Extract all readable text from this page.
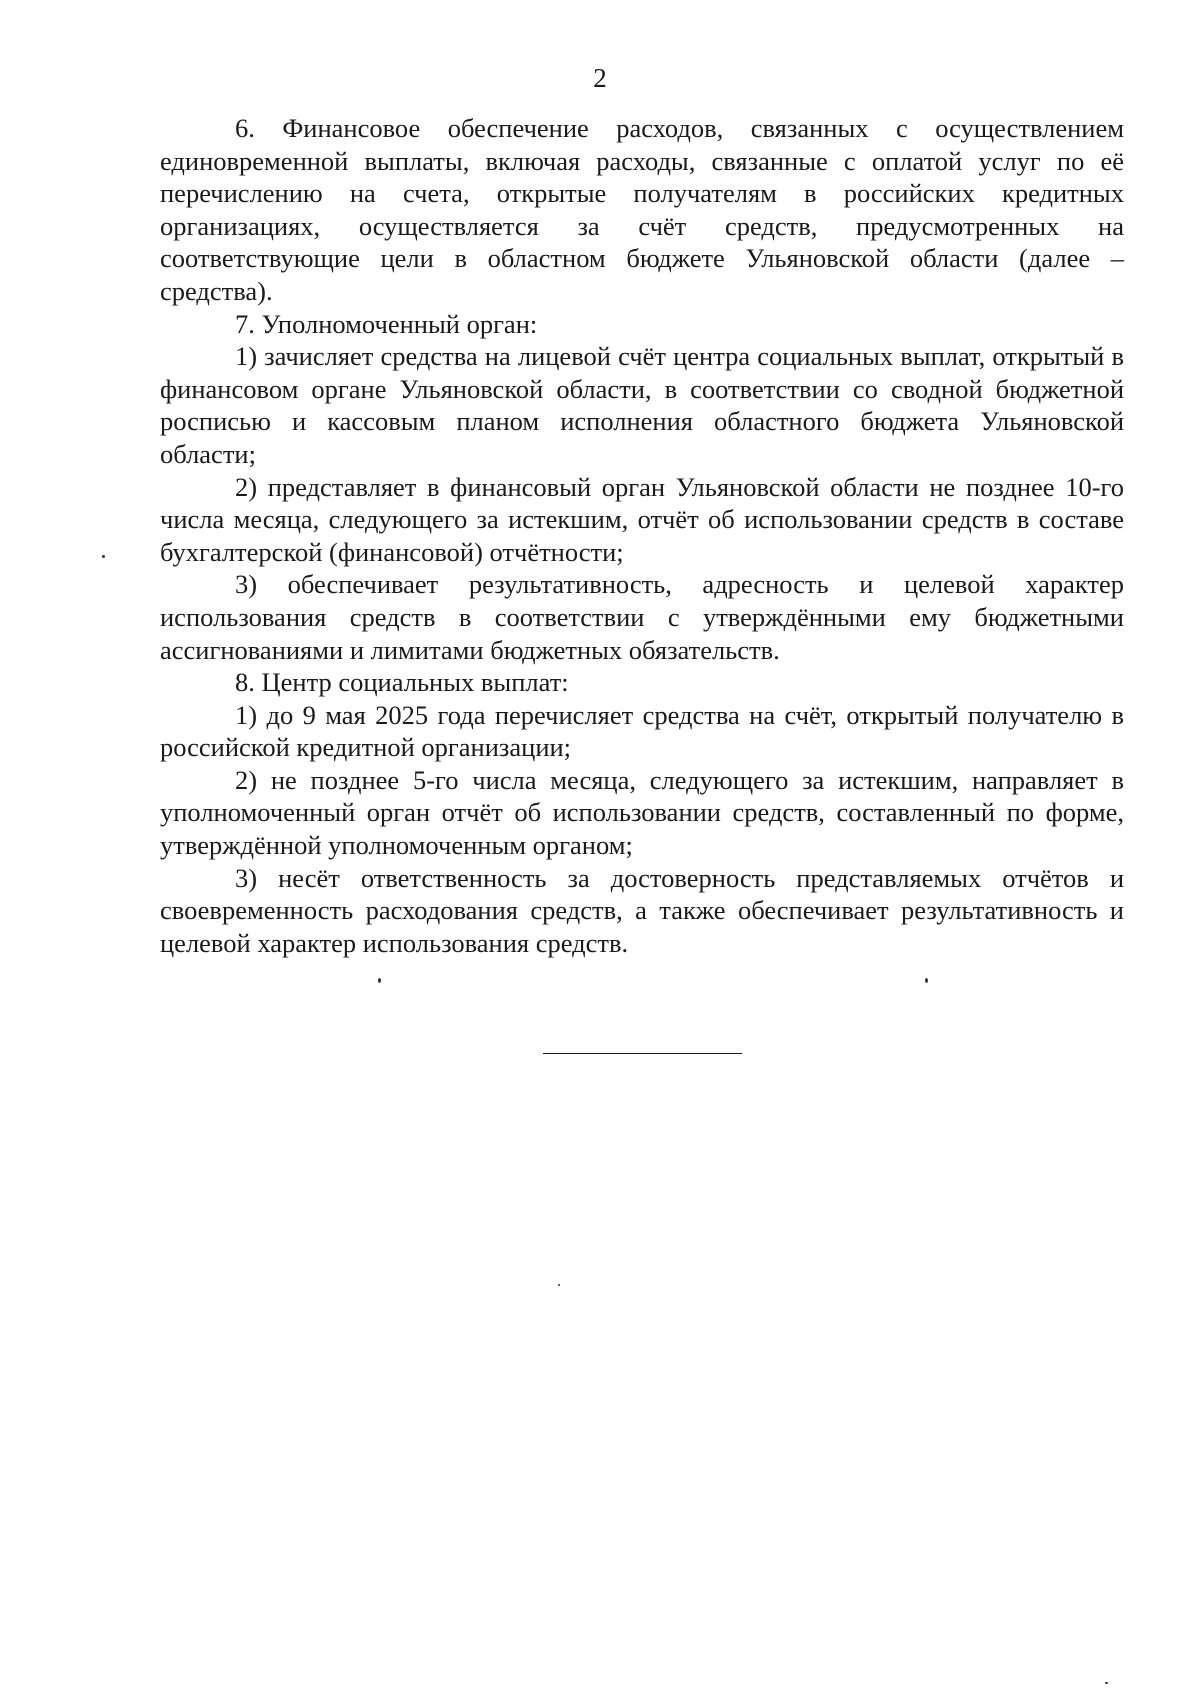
2

6. Финансовое обеспечение расходов, связанных с осуществлением единовременной выплаты, включая расходы, связанные с оплатой услуг по её перечислению на счета, открытые получателям в российских кредитных организациях, осуществляется за счёт средств, предусмотренных на соответствующие цели в областном бюджете Ульяновской области (далее – средства).

7. Уполномоченный орган:

1) зачисляет средства на лицевой счёт центра социальных выплат, открытый в финансовом органе Ульяновской области, в соответствии со сводной бюджетной росписью и кассовым планом исполнения областного бюджета Ульяновской области;

2) представляет в финансовый орган Ульяновской области не позднее 10-го числа месяца, следующего за истекшим, отчёт об использовании средств в составе бухгалтерской (финансовой) отчётности;

3) обеспечивает результативность, адресность и целевой характер использования средств в соответствии с утверждёнными ему бюджетными ассигнованиями и лимитами бюджетных обязательств.

8. Центр социальных выплат:

1) до 9 мая 2025 года перечисляет средства на счёт, открытый получателю в российской кредитной организации;

2) не позднее 5-го числа месяца, следующего за истекшим, направляет в уполномоченный орган отчёт об использовании средств, составленный по форме, утверждённой уполномоченным органом;

3) несёт ответственность за достоверность представляемых отчётов и своевременность расходования средств, а также обеспечивает результативность и целевой характер использования средств.
